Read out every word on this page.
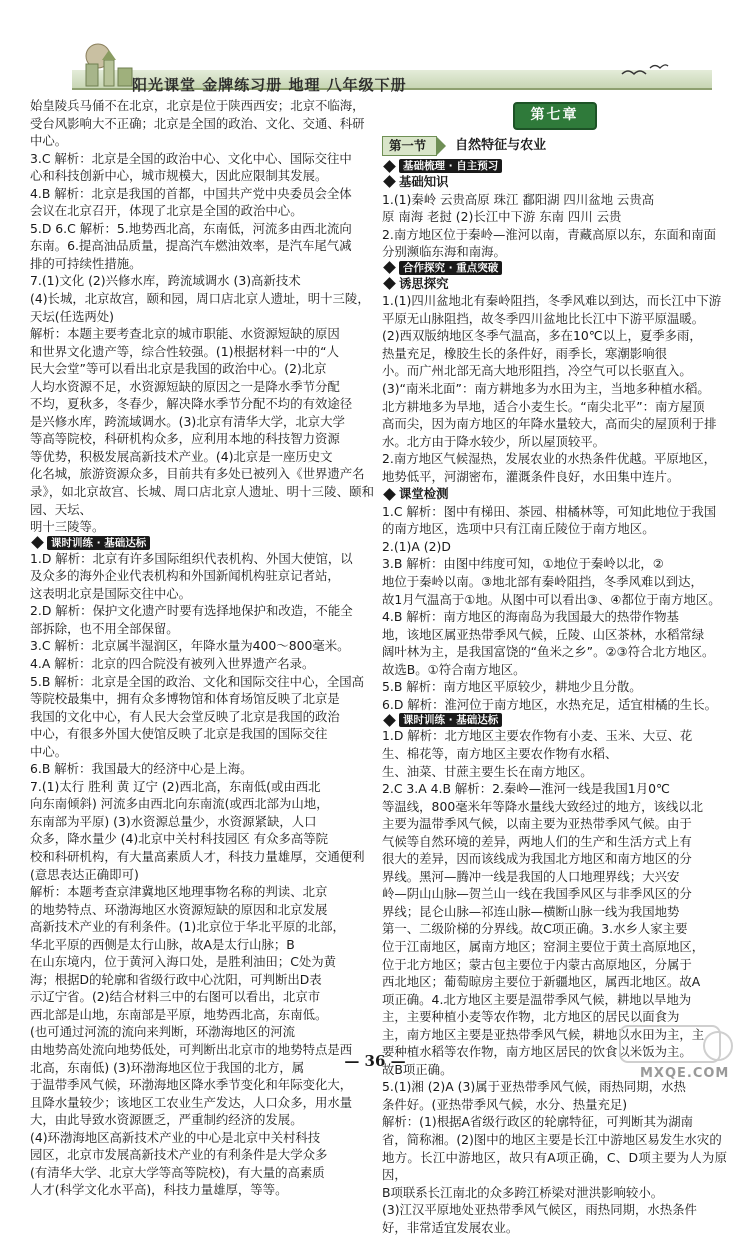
阳光课堂 金牌练习册 地理 八年级下册

始皇陵兵马俑不在北京，北京是位于陕西西安；北京不临海，

受台风影响大不正确；北京是全国的政治、文化、交通、科研

中心。

3.C 解析：北京是全国的政治中心、文化中心、国际交往中

心和科技创新中心，城市规模大，因此应限制其发展。

4.B 解析：北京是我国的首都，中国共产党中央委员会全体

会议在北京召开，体现了北京是全国的政治中心。

5.D 6.C 解析：5.地势西北高，东南低，河流多由西北流向

东南。6.提高油品质量，提高汽车燃油效率，是汽车尾气减

排的可持续性措施。

7.(1)文化 (2)兴修水库，跨流域调水 (3)高新技术

(4)长城，北京故宫，颐和园，周口店北京人遗址，明十三陵，

天坛(任选两处)

解析：本题主要考查北京的城市职能、水资源短缺的原因

和世界文化遗产等，综合性较强。(1)根据材料一中的“人

民大会堂”等可以看出北京是我国的政治中心。(2)北京

人均水资源不足，水资源短缺的原因之一是降水季节分配

不均，夏秋多，冬春少，解决降水季节分配不均的有效途径

是兴修水库，跨流域调水。(3)北京有清华大学，北京大学

等高等院校，科研机构众多，应利用本地的科技智力资源

等优势，积极发展高新技术产业。(4)北京是一座历史文

化名城，旅游资源众多，目前共有多处已被列入《世界遗产名

录》，如北京故宫、长城、周口店北京人遗址、明十三陵、颐和园、天坛、

明十三陵等。

课时训练 · 基础达标

1.D 解析：北京有许多国际组织代表机构、外国大使馆，以

及众多的海外企业代表机构和外国新闻机构驻京记者站，

这表明北京是国际交往中心。

2.D 解析：保护文化遗产时要有选择地保护和改造，不能全

部拆除，也不用全部保留。

3.C 解析：北京属半湿润区，年降水量为400～800毫米。

4.A 解析：北京的四合院没有被列入世界遗产名录。

5.B 解析：北京是全国的政治、文化和国际交往中心，全国高

等院校最集中，拥有众多博物馆和体育场馆反映了北京是

我国的文化中心，有人民大会堂反映了北京是我国的政治

中心，有很多外国大使馆反映了北京是我国的国际交往

中心。

6.B 解析：我国最大的经济中心是上海。

7.(1)太行 胜利 黄 辽宁 (2)西北高，东南低(或由西北

向东南倾斜) 河流多由西北向东南流(或西北部为山地，

东南部为平原) (3)水资源总量少，水资源紧缺，人口

众多，降水量少 (4)北京中关村科技园区 有众多高等院

校和科研机构，有大量高素质人才，科技力量雄厚，交通便利

(意思表达正确即可)

解析：本题考查京津冀地区地理事物名称的判读、北京

的地势特点、环渤海地区水资源短缺的原因和北京发展

高新技术产业的有利条件。(1)北京位于华北平原的北部，

华北平原的西侧是太行山脉，故A是太行山脉；B

在山东境内，位于黄河入海口处，是胜利油田；C处为黄

海；根据D的轮廓和省级行政中心沈阳，可判断出D表

示辽宁省。(2)结合材料三中的右图可以看出，北京市

西北部是山地，东南部是平原，地势西北高，东南低。

(也可通过河流的流向来判断，环渤海地区的河流

由地势高处流向地势低处，可判断出北京市的地势特点是西

北高，东南低) (3)环渤海地区位于我国的北方，属

于温带季风气候，环渤海地区降水季节变化和年际变化大，

且降水量较少；该地区工农业生产发达，人口众多，用水量

大，由此导致水资源匮乏，严重制约经济的发展。

(4)环渤海地区高新技术产业的中心是北京中关村科技

园区，北京市发展高新技术产业的有利条件是大学众多

(有清华大学、北京大学等高等院校)，有大量的高素质

人才(科学文化水平高)，科技力量雄厚，等等。

第七章
第一节	自然特征与农业
基础梳理 · 自主预习
基础知识

1.(1)秦岭 云贵高原 珠江 鄱阳湖 四川盆地 云贵高

原 南海 老挝 (2)长江中下游 东南 四川 云贵

2.南方地区位于秦岭—淮河以南，青藏高原以东，东面和南面

分别濒临东海和南海。

合作探究 · 重点突破
诱思探究

1.(1)四川盆地北有秦岭阻挡，冬季风难以到达，而长江中下游

平原无山脉阻挡，故冬季四川盆地比长江中下游平原温暖。

(2)西双版纳地区冬季气温高，多在10℃以上，夏季多雨，

热量充足，橡胶生长的条件好，雨季长，寒潮影响很

小。而广州北部无高大地形阻挡，冷空气可以长驱直入。

(3)“南米北面”：南方耕地多为水田为主，当地多种植水稻。

北方耕地多为旱地，适合小麦生长。“南尖北平”：南方屋顶

高而尖，因为南方地区的年降水量较大，高而尖的屋顶利于排

水。北方由于降水较少，所以屋顶较平。

2.南方地区气候湿热，发展农业的水热条件优越。平原地区，

地势低平，河湖密布，灌溉条件良好，水田集中连片。

课堂检测

1.C 解析：图中有梯田、茶园、柑橘林等，可知此地位于我国

的南方地区，选项中只有江南丘陵位于南方地区。

2.(1)A (2)D

3.B 解析：由图中纬度可知，①地位于秦岭以北，②

地位于秦岭以南。③地北部有秦岭阻挡，冬季风难以到达，

故1月气温高于①地。从图中可以看出③、④都位于南方地区。

4.B 解析：南方地区的海南岛为我国最大的热带作物基

地，该地区属亚热带季风气候，丘陵、山区茶林，水稻常绿

阔叶林为主，是我国富饶的“鱼米之乡”。②③符合北方地区。

故选B。①符合南方地区。

5.B 解析：南方地区平原较少，耕地少且分散。

6.D 解析：淮河位于南方地区，水热充足，适宜柑橘的生长。

课时训练 · 基础达标

1.D 解析：北方地区主要农作物有小麦、玉米、大豆、花

生、棉花等，南方地区主要农作物有水稻、

生、油菜、甘蔗主要生长在南方地区。

2.C 3.A 4.B 解析：2.秦岭—淮河一线是我国1月0℃

等温线，800毫米年等降水量线大致经过的地方，该线以北

主要为温带季风气候，以南主要为亚热带季风气候。由于

气候等自然环境的差异，两地人们的生产和生活方式上有

很大的差异，因而该线成为我国北方地区和南方地区的分

界线。黑河—腾冲一线是我国的人口地理界线；大兴安

岭—阴山山脉—贺兰山一线在我国季风区与非季风区的分

界线；昆仑山脉—祁连山脉—横断山脉一线为我国地势

第一、二级阶梯的分界线。故C项正确。3.水乡人家主要

位于江南地区，属南方地区；窑洞主要位于黄土高原地区，

位于北方地区；蒙古包主要位于内蒙古高原地区，分属于

西北地区；葡萄晾房主要位于新疆地区，属西北地区。故A

项正确。4.北方地区主要是温带季风气候，耕地以旱地为

主，主要种植小麦等农作物，北方地区的居民以面食为

主，南方地区主要是亚热带季风气候，耕地以水田为主，主

要种植水稻等农作物，南方地区居民的饮食以米饭为主。

故B项正确。

5.(1)湘 (2)A (3)属于亚热带季风气候，雨热同期，水热

条件好。(亚热带季风气候，水分、热量充足)

解析：(1)根据A省级行政区的轮廓特征，可判断其为湖南

省，简称湘。(2)图中的地区主要是长江中游地区易发生水灾的

地方。长江中游地区，故只有A项正确，C、D项主要为人为原因，

B项联系长江南北的众多跨江桥梁对泄洪影响较小。

(3)江汉平原地处亚热带季风气候区，雨热同期，水热条件

好，非常适宜发展农业。

— 36 —
MXQE.COM
